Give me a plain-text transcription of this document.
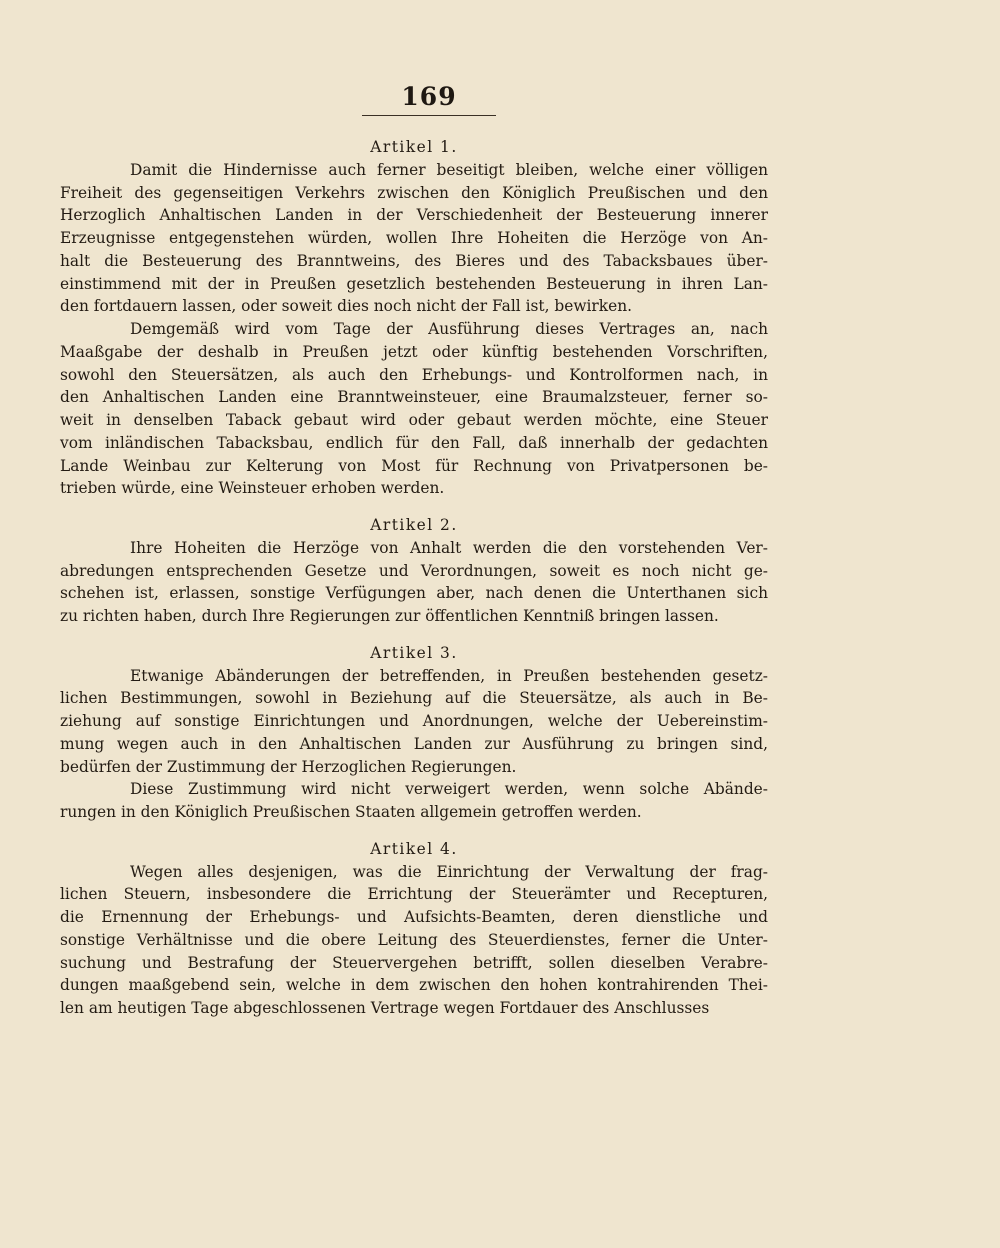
169
Artikel 1.
Damit die Hindernisse auch ferner beseitigt bleiben, welche einer völligen
Freiheit des gegenseitigen Verkehrs zwischen den Königlich Preußischen und den
Herzoglich Anhaltischen Landen in der Verschiedenheit der Besteuerung innerer
Erzeugnisse entgegenstehen würden, wollen Ihre Hoheiten die Herzöge von An-
halt die Besteuerung des Branntweins, des Bieres und des Tabacksbaues über-
einstimmend mit der in Preußen gesetzlich bestehenden Besteuerung in ihren Lan-
den fortdauern lassen, oder soweit dies noch nicht der Fall ist, bewirken.
Demgemäß wird vom Tage der Ausführung dieses Vertrages an, nach
Maaßgabe der deshalb in Preußen jetzt oder künftig bestehenden Vorschriften,
sowohl den Steuersätzen, als auch den Erhebungs- und Kontrolformen nach, in
den Anhaltischen Landen eine Branntweinsteuer, eine Braumalzsteuer, ferner so-
weit in denselben Taback gebaut wird oder gebaut werden möchte, eine Steuer
vom inländischen Tabacksbau, endlich für den Fall, daß innerhalb der gedachten
Lande Weinbau zur Kelterung von Most für Rechnung von Privatpersonen be-
trieben würde, eine Weinsteuer erhoben werden.
Artikel 2.
Ihre Hoheiten die Herzöge von Anhalt werden die den vorstehenden Ver-
abredungen entsprechenden Gesetze und Verordnungen, soweit es noch nicht ge-
schehen ist, erlassen, sonstige Verfügungen aber, nach denen die Unterthanen sich
zu richten haben, durch Ihre Regierungen zur öffentlichen Kenntniß bringen lassen.
Artikel 3.
Etwanige Abänderungen der betreffenden, in Preußen bestehenden gesetz-
lichen Bestimmungen, sowohl in Beziehung auf die Steuersätze, als auch in Be-
ziehung auf sonstige Einrichtungen und Anordnungen, welche der Uebereinstim-
mung wegen auch in den Anhaltischen Landen zur Ausführung zu bringen sind,
bedürfen der Zustimmung der Herzoglichen Regierungen.
Diese Zustimmung wird nicht verweigert werden, wenn solche Abände-
rungen in den Königlich Preußischen Staaten allgemein getroffen werden.
Artikel 4.
Wegen alles desjenigen, was die Einrichtung der Verwaltung der frag-
lichen Steuern, insbesondere die Errichtung der Steuerämter und Recepturen,
die Ernennung der Erhebungs- und Aufsichts-Beamten, deren dienstliche und
sonstige Verhältnisse und die obere Leitung des Steuerdienstes, ferner die Unter-
suchung und Bestrafung der Steuervergehen betrifft, sollen dieselben Verabre-
dungen maaßgebend sein, welche in dem zwischen den hohen kontrahirenden Thei-
len am heutigen Tage abgeschlossenen Vertrage wegen Fortdauer des Anschlusses
